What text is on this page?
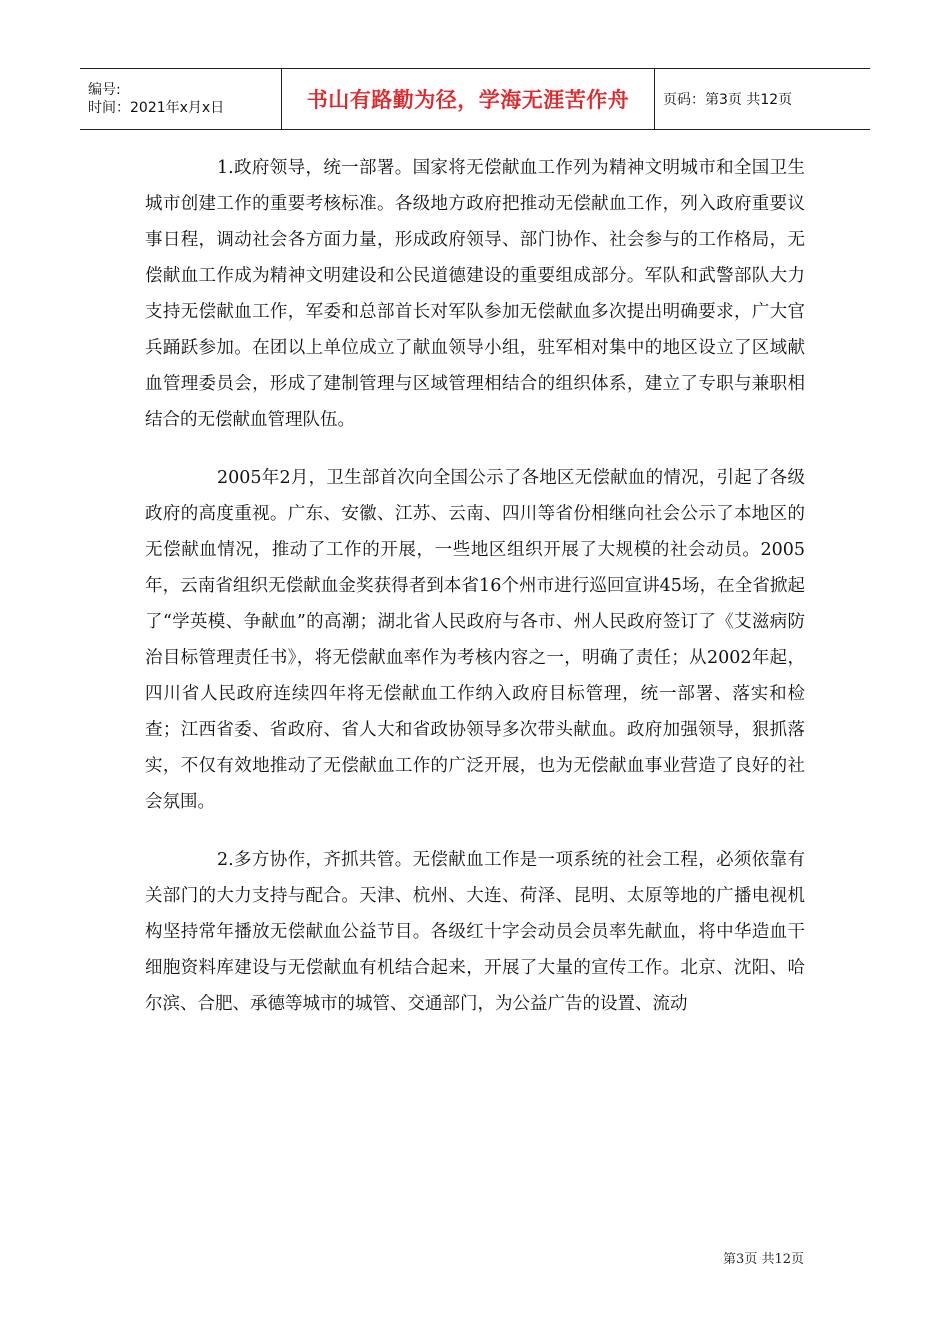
编号:
时间：2021年x月x日	书山有路勤为径，学海无涯苦作舟 页码：第3页 共12页

1.政府领导，统一部署。国家将无偿献血工作列为精神文明城市和全国卫生城市创建工作的重要考核标准。各级地方政府把推动无偿献血工作，列入政府重要议事日程，调动社会各方面力量，形成政府领导、部门协作、社会参与的工作格局，无偿献血工作成为精神文明建设和公民道德建设的重要组成部分。军队和武警部队大力支持无偿献血工作，军委和总部首长对军队参加无偿献血多次提出明确要求，广大官兵踊跃参加。在团以上单位成立了献血领导小组，驻军相对集中的地区设立了区域献血管理委员会，形成了建制管理与区域管理相结合的组织体系，建立了专职与兼职相结合的无偿献血管理队伍。

2005年2月，卫生部首次向全国公示了各地区无偿献血的情况，引起了各级政府的高度重视。广东、安徽、江苏、云南、四川等省份相继向社会公示了本地区的无偿献血情况，推动了工作的开展，一些地区组织开展了大规模的社会动员。2005年，云南省组织无偿献血金奖获得者到本省16个州市进行巡回宣讲45场，在全省掀起了“学英模、争献血”的高潮；湖北省人民政府与各市、州人民政府签订了《艾滋病防治目标管理责任书》，将无偿献血率作为考核内容之一，明确了责任；从2002年起，四川省人民政府连续四年将无偿献血工作纳入政府目标管理，统一部署、落实和检查；江西省委、省政府、省人大和省政协领导多次带头献血。政府加强领导，狠抓落实，不仅有效地推动了无偿献血工作的广泛开展，也为无偿献血事业营造了良好的社会氛围。

2.多方协作，齐抓共管。无偿献血工作是一项系统的社会工程，必须依靠有关部门的大力支持与配合。天津、杭州、大连、荷泽、昆明、太原等地的广播电视机构坚持常年播放无偿献血公益节目。各级红十字会动员会员率先献血，将中华造血干细胞资料库建设与无偿献血有机结合起来，开展了大量的宣传工作。北京、沈阳、哈尔滨、合肥、承德等城市的城管、交通部门，为公益广告的设置、流动

第3页 共12页
